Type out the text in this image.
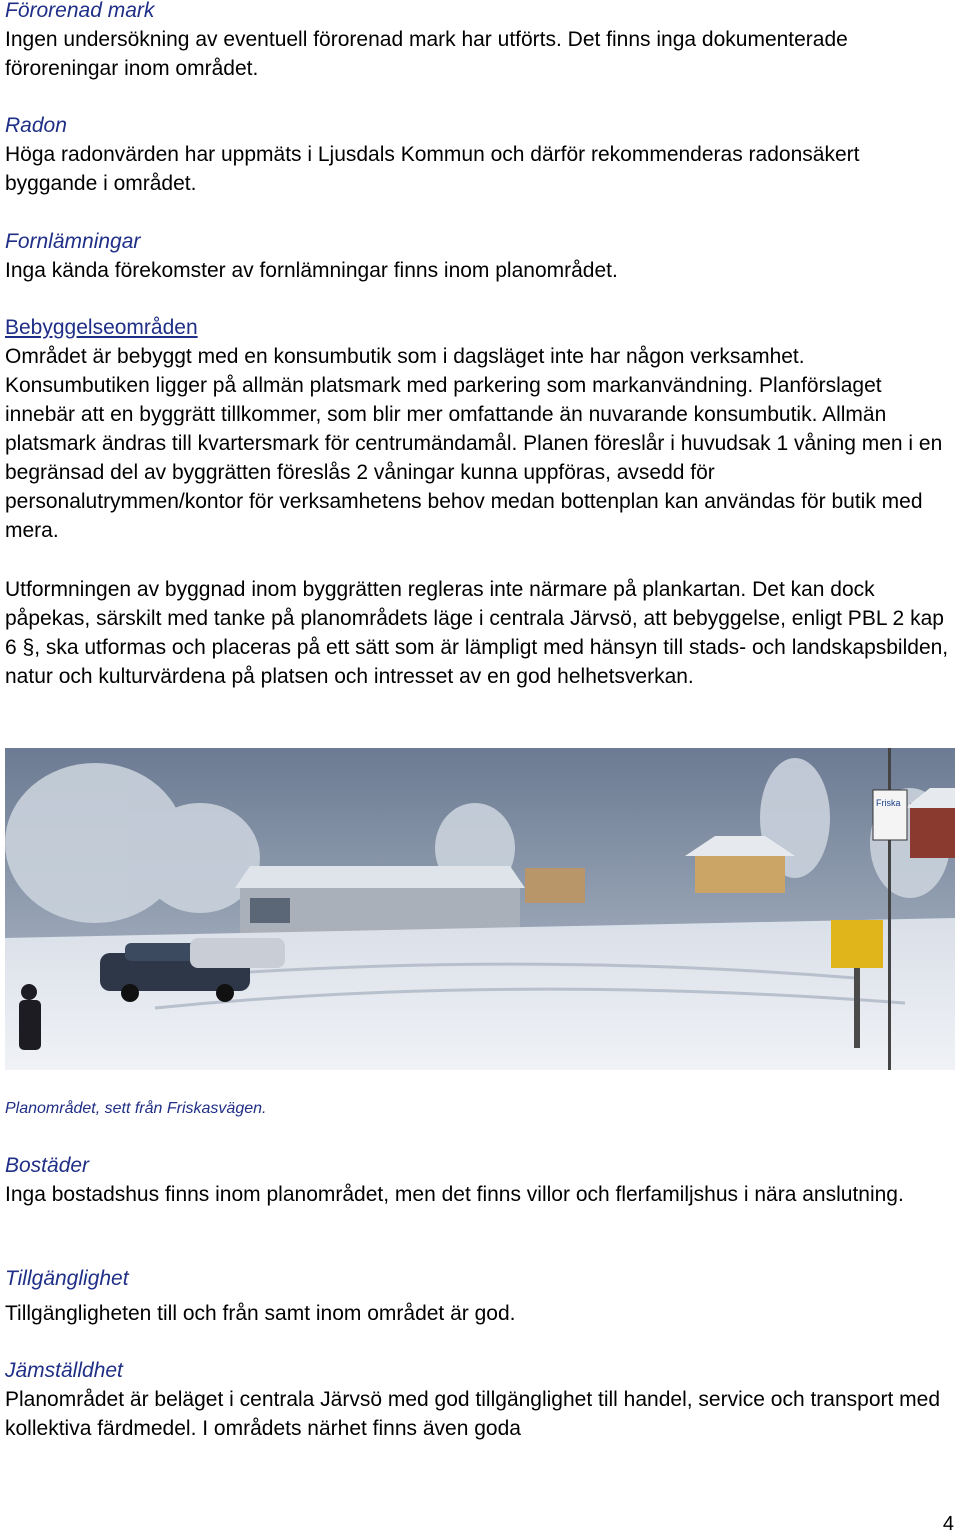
Förorenad mark

Ingen undersökning av eventuell förorenad mark har utförts. Det finns inga dokumenterade föroreningar inom området.

Radon

Höga radonvärden har uppmäts i Ljusdals Kommun och därför rekommenderas radonsäkert byggande i området.

Fornlämningar

Inga kända förekomster av fornlämningar finns inom planområdet.

Bebyggelseområden

Området är bebyggt med en konsumbutik som i dagsläget inte har någon verksamhet. Konsumbutiken ligger på allmän platsmark med parkering som markanvändning. Planförslaget innebär att en byggrätt tillkommer, som blir mer omfattande än nuvarande konsumbutik. Allmän platsmark ändras till kvartersmark för centrumändamål. Planen föreslår i huvudsak 1 våning men i en begränsad del av byggrätten föreslås 2 våningar kunna uppföras, avsedd för personalutrymmen/kontor för verksamhetens behov medan bottenplan kan användas för butik med mera.

Utformningen av byggnad inom byggrätten regleras inte närmare på plankartan. Det kan dock påpekas, särskilt med tanke på planområdets läge i centrala Järvsö, att bebyggelse, enligt PBL 2 kap 6 §, ska utformas och placeras på ett sätt som är lämpligt med hänsyn till stads- och landskapsbilden, natur och kulturvärdena på platsen och intresset av en god helhetsverkan.

Friska
Planområdet, sett från Friskasvägen.

Bostäder

Inga bostadshus finns inom planområdet, men det finns villor och flerfamiljshus i nära anslutning.

Tillgänglighet

Tillgängligheten till och från samt inom området är god.

Jämställdhet

Planområdet är beläget i centrala Järvsö med god tillgänglighet till handel, service och transport med kollektiva färdmedel. I områdets närhet finns även goda

4
